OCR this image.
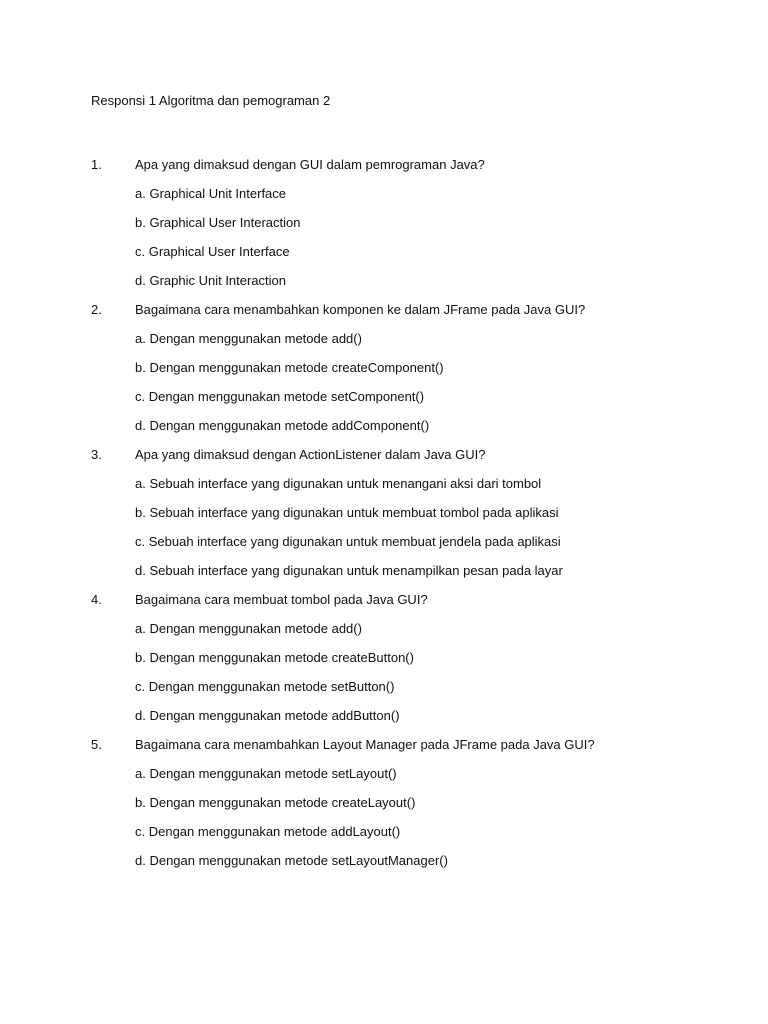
Responsi 1 Algoritma dan pemograman 2
1.	Apa yang dimaksud dengan GUI dalam pemrograman Java?
a. Graphical Unit Interface
b. Graphical User Interaction
c. Graphical User Interface
d. Graphic Unit Interaction
2.	Bagaimana cara menambahkan komponen ke dalam JFrame pada Java GUI?
a. Dengan menggunakan metode add()
b. Dengan menggunakan metode createComponent()
c. Dengan menggunakan metode setComponent()
d. Dengan menggunakan metode addComponent()
3.	Apa yang dimaksud dengan ActionListener dalam Java GUI?
a. Sebuah interface yang digunakan untuk menangani aksi dari tombol
b. Sebuah interface yang digunakan untuk membuat tombol pada aplikasi
c. Sebuah interface yang digunakan untuk membuat jendela pada aplikasi
d. Sebuah interface yang digunakan untuk menampilkan pesan pada layar
4.	Bagaimana cara membuat tombol pada Java GUI?
a. Dengan menggunakan metode add()
b. Dengan menggunakan metode createButton()
c. Dengan menggunakan metode setButton()
d. Dengan menggunakan metode addButton()
5.	Bagaimana cara menambahkan Layout Manager pada JFrame pada Java GUI?
a. Dengan menggunakan metode setLayout()
b. Dengan menggunakan metode createLayout()
c. Dengan menggunakan metode addLayout()
d. Dengan menggunakan metode setLayoutManager()
